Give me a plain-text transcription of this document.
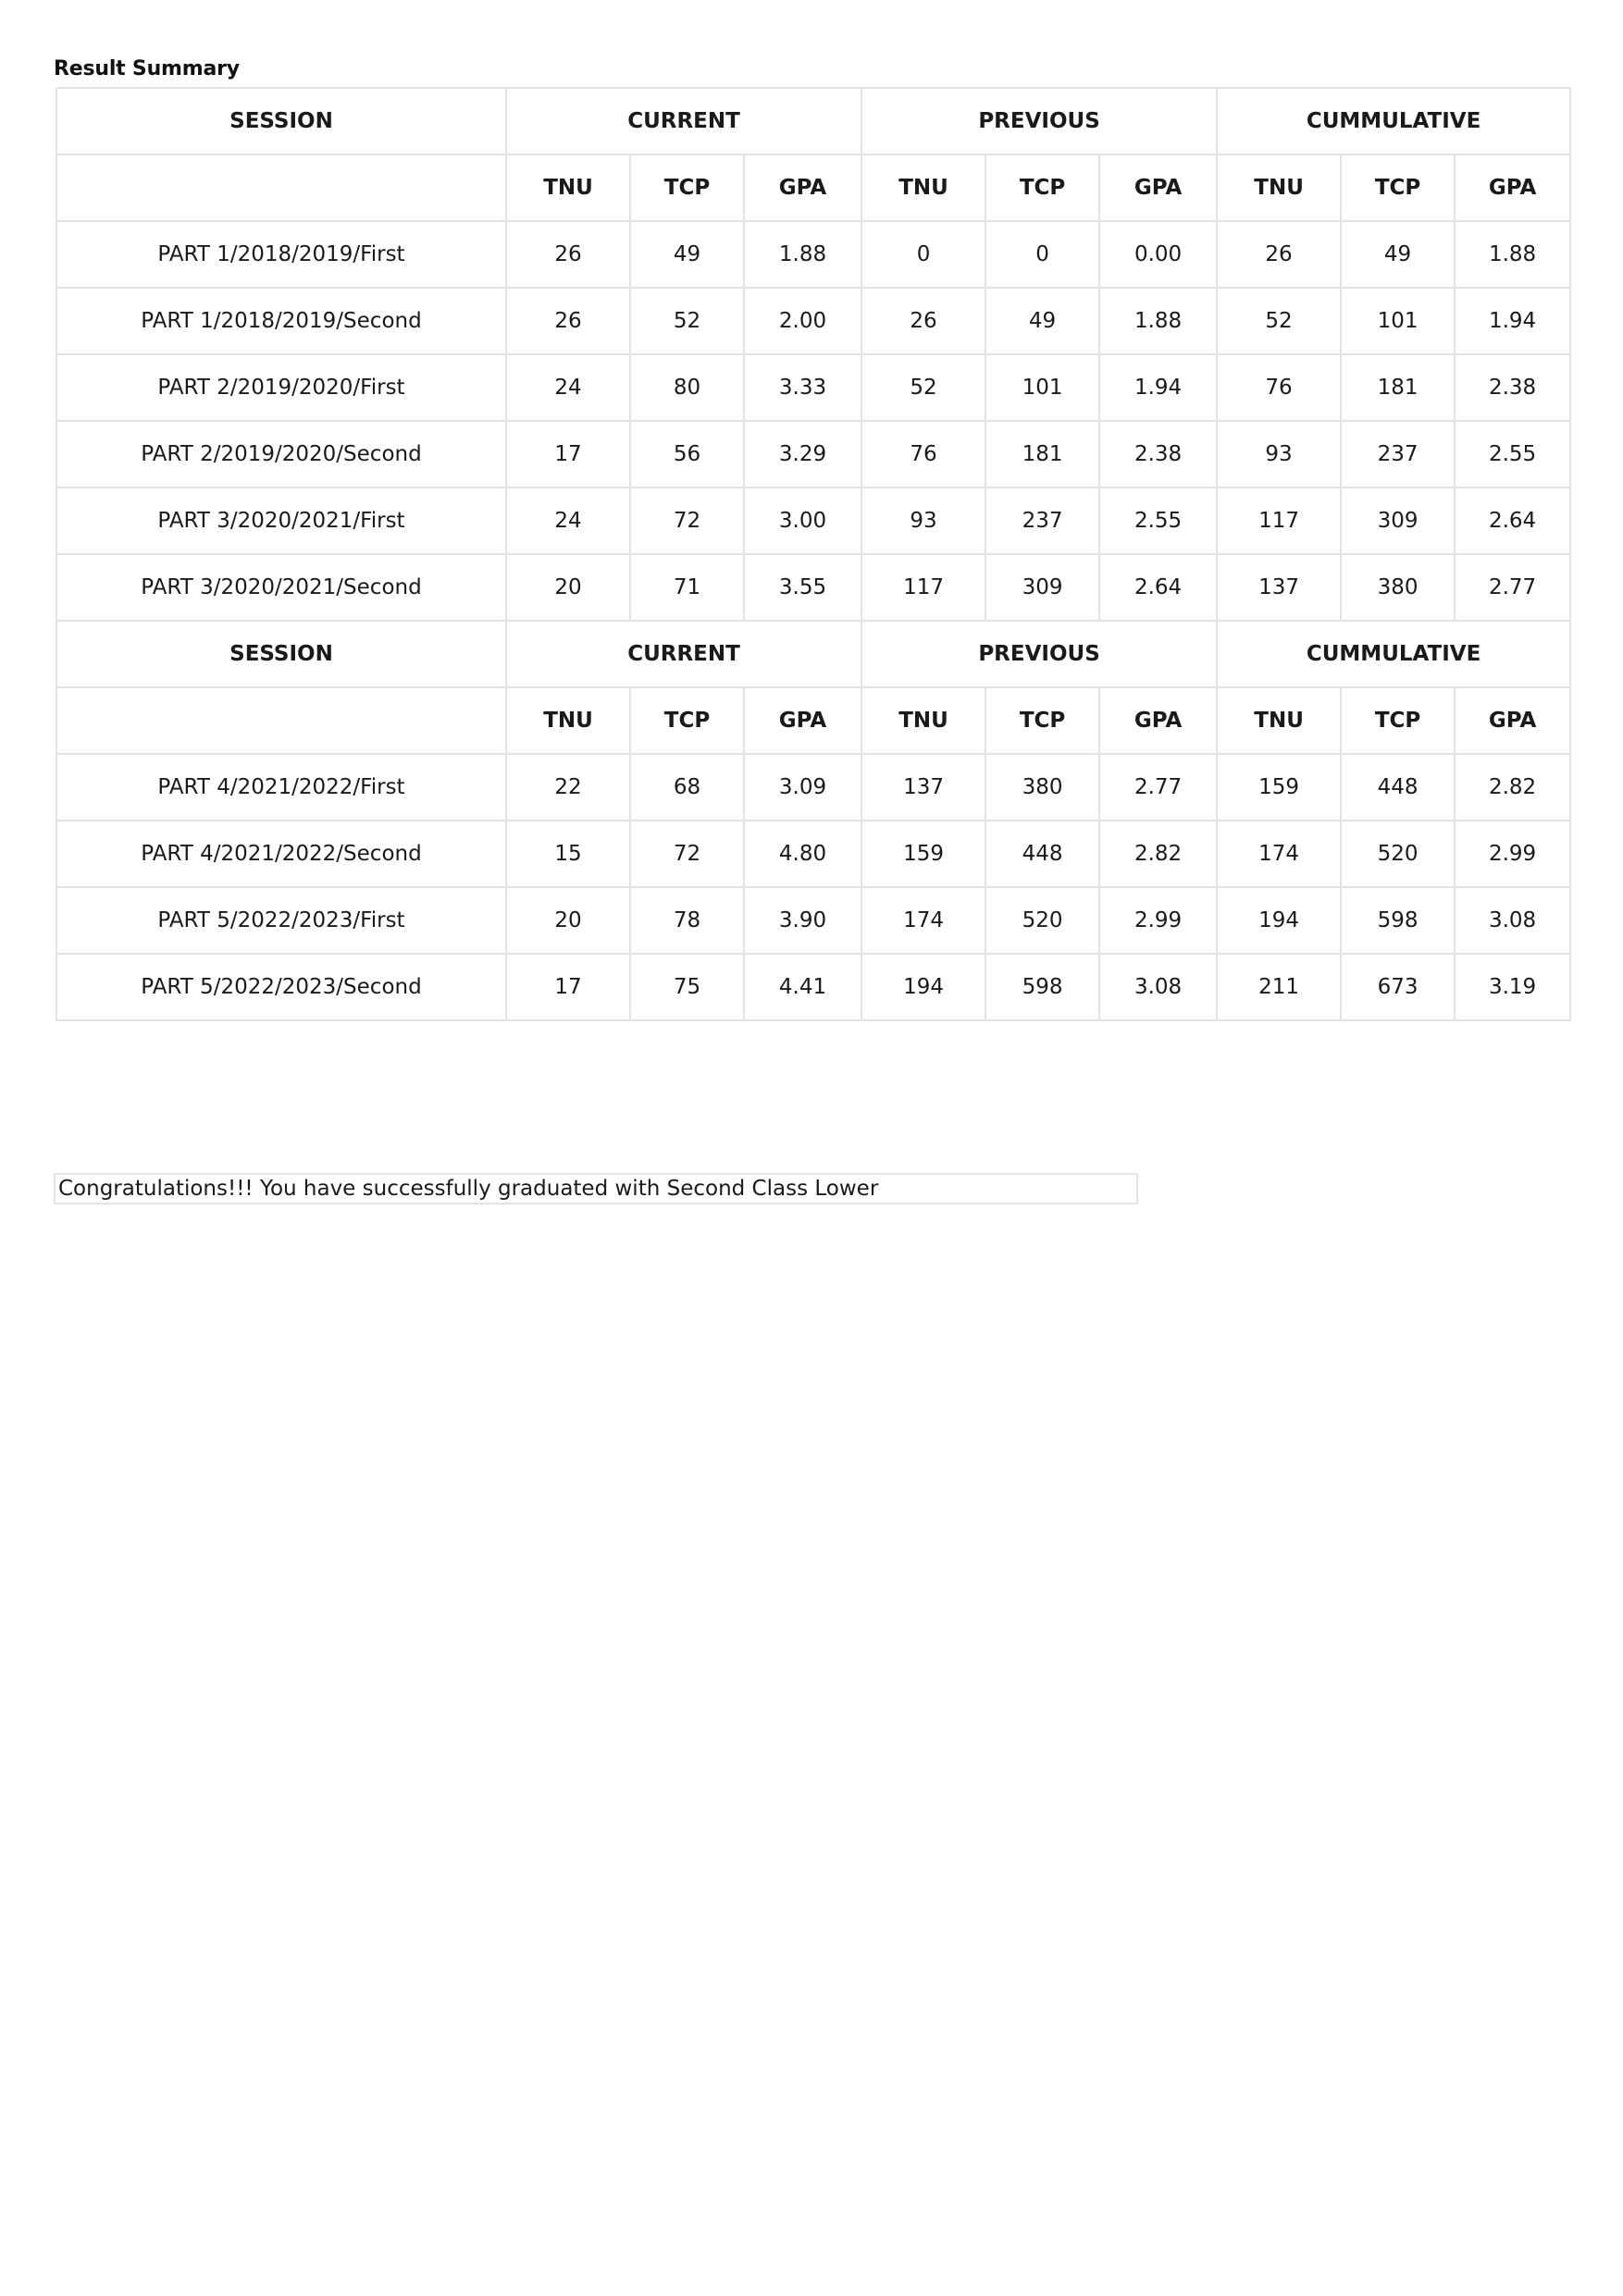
Result Summary
SESSION	CURRENT			PREVIOUS			CUMMULATIVE		
	TNU	TCP	GPA	TNU	TCP	GPA	TNU	TCP	GPA
PART 1/2018/2019/First	26	49	1.88	0	0	0.00	26	49	1.88
PART 1/2018/2019/Second	26	52	2.00	26	49	1.88	52	101	1.94
PART 2/2019/2020/First	24	80	3.33	52	101	1.94	76	181	2.38
PART 2/2019/2020/Second	17	56	3.29	76	181	2.38	93	237	2.55
PART 3/2020/2021/First	24	72	3.00	93	237	2.55	117	309	2.64
PART 3/2020/2021/Second	20	71	3.55	117	309	2.64	137	380	2.77
SESSION	CURRENT			PREVIOUS			CUMMULATIVE		
	TNU	TCP	GPA	TNU	TCP	GPA	TNU	TCP	GPA
PART 4/2021/2022/First	22	68	3.09	137	380	2.77	159	448	2.82
PART 4/2021/2022/Second	15	72	4.80	159	448	2.82	174	520	2.99
PART 5/2022/2023/First	20	78	3.90	174	520	2.99	194	598	3.08
PART 5/2022/2023/Second	17	75	4.41	194	598	3.08	211	673	3.19
Congratulations!!! You have successfully graduated with Second Class Lower
